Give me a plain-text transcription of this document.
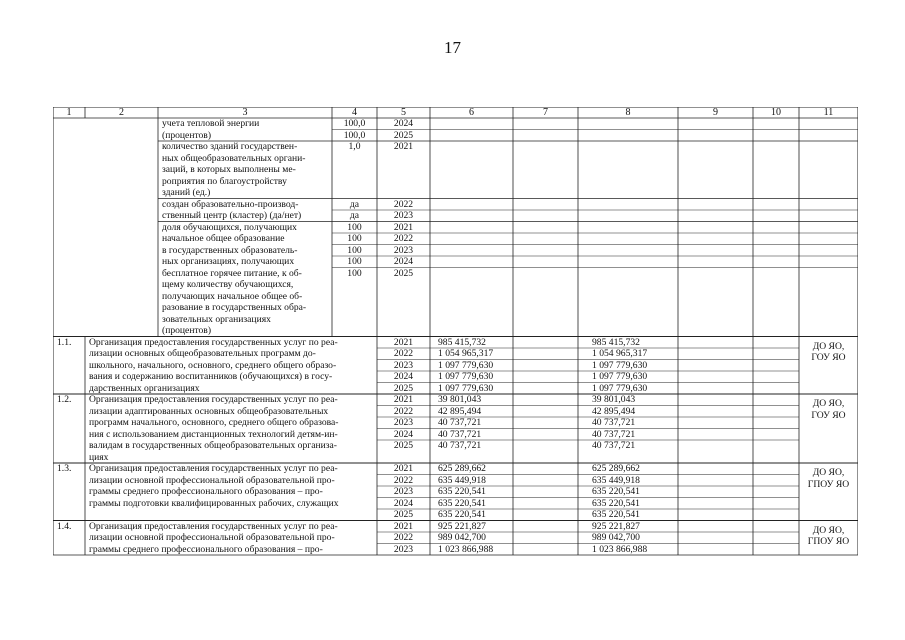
17
1	2	3	4	5	6	7	8	9	10	11
учета тепловой энергии
(процентов)
100,0	2024
100,0	2025
количество зданий государствен-
ных общеобразовательных органи-
заций, в которых выполнены ме-
роприятия по благоустройству
зданий (ед.)
1,0	2021
создан образовательно-производ-
ственный центр (кластер) (да/нет)
да	2022
да	2023
доля обучающихся, получающих
начальное общее образование
в государственных образователь-
ных организациях, получающих
бесплатное горячее питание, к об-
щему количеству обучающихся,
получающих начальное общее об-
разование в государственных обра-
зовательных организациях
(процентов)
100	2021
100	2022
100	2023
100	2024
100	2025
1.1. Организация предоставления государственных услуг по реа-
лизации основных общеобразовательных программ до-
школьного, начального, основного, среднего общего образо-
вания и содержанию воспитанников (обучающихся) в госу-
дарственных организациях
2021	985 415,732	985 415,732
2022	1 054 965,317	1 054 965,317
2023	1 097 779,630	1 097 779,630
2024	1 097 779,630	1 097 779,630
2025	1 097 779,630	1 097 779,630
ДО ЯО,
ГОУ ЯО
1.2. Организация предоставления государственных услуг по реа-
лизации адаптированных основных общеобразовательных
программ начального, основного, среднего общего образова-
ния с использованием дистанционных технологий детям-ин-
валидам в государственных общеобразовательных организа-
циях
2021	39 801,043	39 801,043
2022	42 895,494	42 895,494
2023	40 737,721	40 737,721
2024	40 737,721	40 737,721
2025	40 737,721	40 737,721
ДО ЯО,
ГОУ ЯО
1.3. Организация предоставления государственных услуг по реа-
лизации основной профессиональной образовательной про-
граммы среднего профессионального образования – про-
граммы подготовки квалифицированных рабочих, служащих
2021	625 289,662	625 289,662
2022	635 449,918	635 449,918
2023	635 220,541	635 220,541
2024	635 220,541	635 220,541
2025	635 220,541	635 220,541
ДО ЯО,
ГПОУ ЯО
1.4. Организация предоставления государственных услуг по реа-
лизации основной профессиональной образовательной про-
граммы среднего профессионального образования – про-
2021	925 221,827	925 221,827
2022	989 042,700	989 042,700
2023	1 023 866,988	1 023 866,988
ДО ЯО,
ГПОУ ЯО
